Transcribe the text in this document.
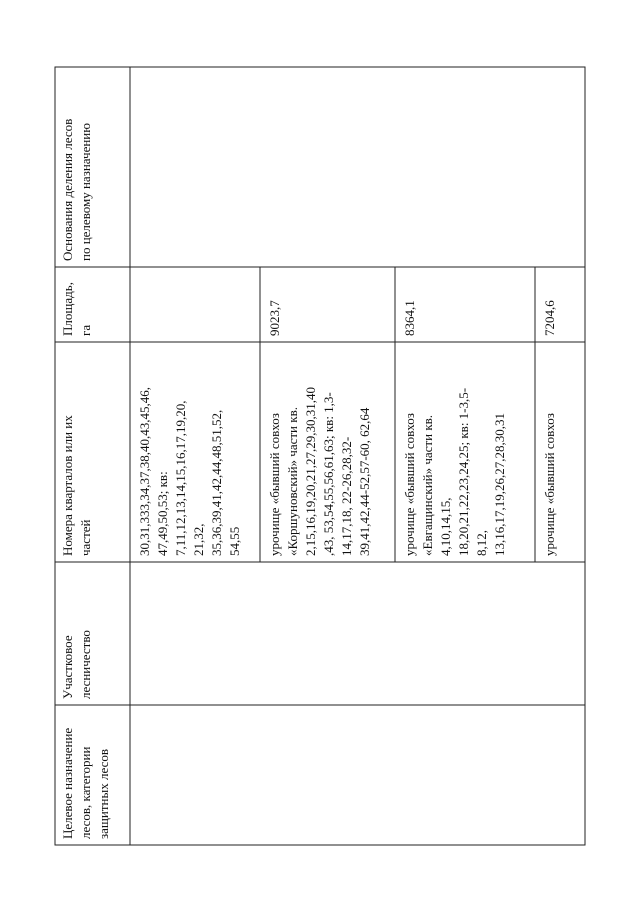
Целевое назначение лесов, категории защитных лесов
Участковое лесничество
Номера кварталов или их частей
Площадь, га
Основания деления лесов по целевому назначению
30,31,333,34,37,38,40,43,45,46, 47,49,50,53; кв: 7,11,12,13,14,15,16,17,19,20, 21,32, 35,36,39,41,42,44,48,51,52, 54,55 урочище «бывший совхоз «Коршуновский» части кв. 2,15,16,19,20,21,27,29,30,31,40 ,43, 53,54,55,56,61,63; кв: 1,3- 14,17,18, 22-26,28,32- 39,41,42,44-52,57-60, 62,64
9023,7
урочище «бывший совхоз «Евгащинский» части кв. 4,10,14,15, 18,20,21,22,23,24,25; кв: 1-3,5- 8,12, 13,16,17,19,26,27,28,30,31
8364,1
урочище «бывший совхоз
7204,6
